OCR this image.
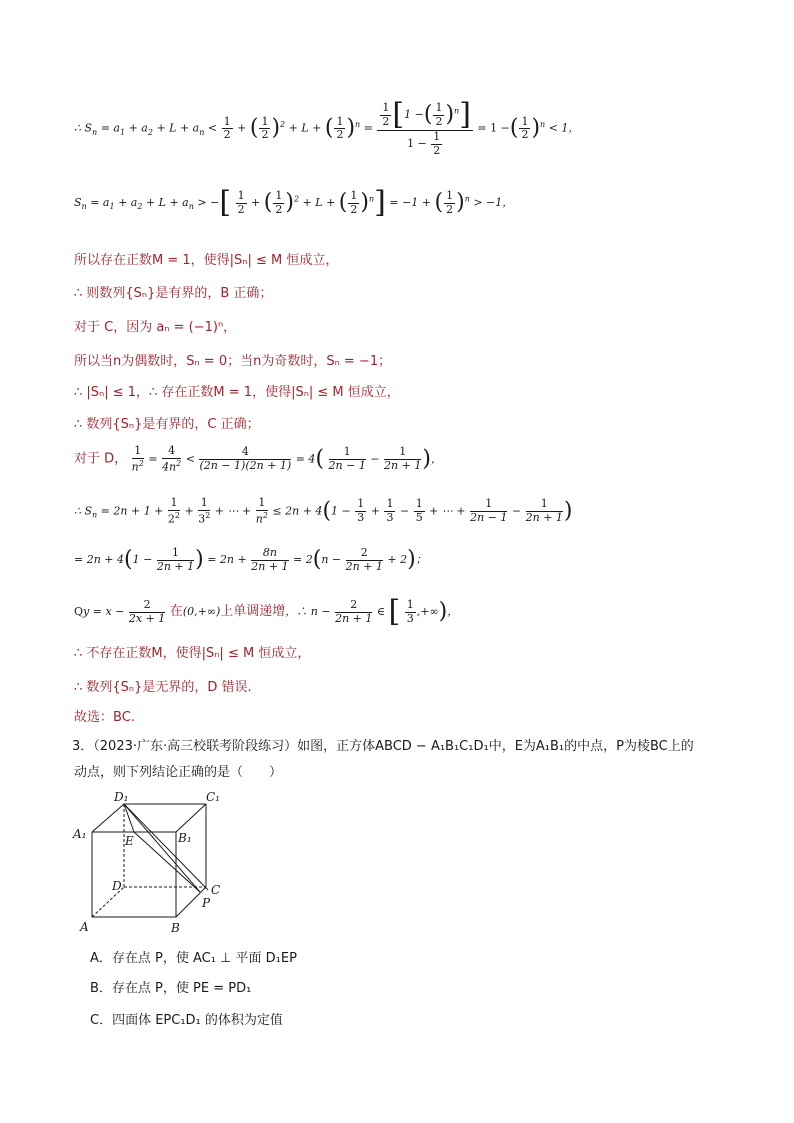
∴ $S_n = a_1 + a_2 + L + a_n < \frac{1}{2}$ + ( $\frac{1}{2} )^2 + L$ + ( $\frac{1}{2} )^n = \frac{\frac{1}{2} [1 -( \frac{1}{2} )^n]}{1 - \frac{1}{2}} = 1$ −( $\frac{1}{2} )^n < 1$，
$S_n = a_1 + a_2 + L + a_n$ > −[ $\frac{1}{2}$ + ( $\frac{1}{2} )^2 + L$ + ( $\frac{1}{2} )^n] = -1$ + ( $\frac{1}{2} )^n > -1$，
所以存在正数M = 1，使得|Sₙ| ≤ M 恒成立，
∴ 则数列{Sₙ}是有界的，B 正确；
对于 C，因为 aₙ = (−1)ⁿ，
所以当n为偶数时，Sₙ = 0；当n为奇数时，Sₙ = −1；
∴ |Sₙ| ≤ 1，∴ 存在正数M = 1，使得|Sₙ| ≤ M 恒成立，
∴ 数列{Sₙ}是有界的，C 正确；
对于 D， $\frac{1}{n^2} = \frac{4}{4n^2} < \frac{4}{(2n - 1)(2n + 1)} = 4( \frac{1}{2n - 1} - \frac{1}{2n + 1}$ )，
∴ $S_n = 2n + 1 + \frac{1}{2^2} + \frac{1}{3^2}$ + ⋯ + $\frac{1}{n^2} \le 2n + 4(1 - \frac{1}{3} + \frac{1}{3} - \frac{1}{5}$ + ⋯ + $\frac{1}{2n - 1} - \frac{1}{2n + 1}$ )
= $2n + 4(1 - \frac{1}{2n + 1}$ ) = $2n + \frac{8n}{2n + 1} = 2(n - \frac{2}{2n + 1} + 2)$；
$Qy = x - \frac{2}{2x + 1}$ 在(0,+∞)上单调递增，∴ $n - \frac{2}{2n + 1}$ ∈ [ $\frac{1}{3}$ ,+∞)，
∴ 不存在正数M，使得|Sₙ| ≤ M 恒成立，
∴ 数列{Sₙ}是无界的，D 错误.
故选：BC.
3．（2023·广东·高三校联考阶段练习）如图，正方体ABCD − A₁B₁C₁D₁中，E为A₁B₁的中点，P为棱BC上的
动点，则下列结论正确的是（　　）
D₁	C₁
A₁	B₁
E
D	C
P
A	B
A．存在点 P，使 AC₁ ⊥ 平面 D₁EP
B．存在点 P，使 PE = PD₁
C．四面体 EPC₁D₁ 的体积为定值
